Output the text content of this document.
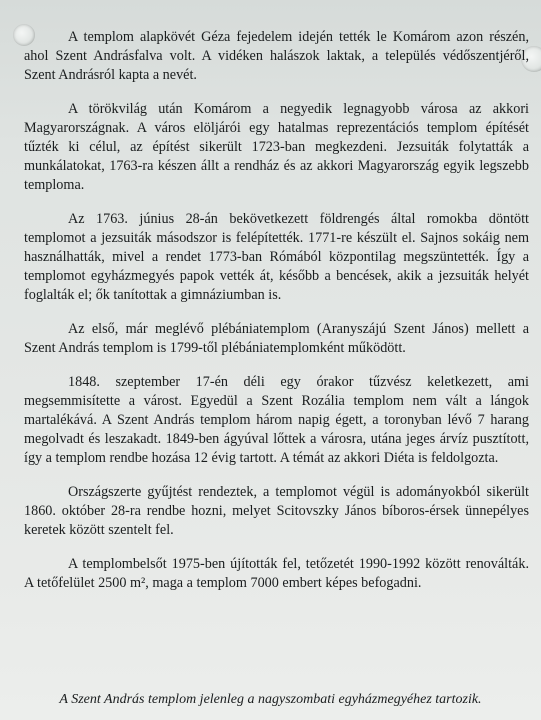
A templom alapkövét Géza fejedelem idején tették le Komárom azon részén, ahol Szent Andrásfalva volt. A vidéken halászok laktak, a település védőszentjéről, Szent Andrásról kapta a nevét.

A törökvilág után Komárom a negyedik legnagyobb városa az akkori Magyarországnak. A város elöljárói egy hatalmas reprezentációs templom építését tűzték ki célul, az építést sikerült 1723-ban megkezdeni. Jezsuiták folytatták a munkálatokat, 1763-ra készen állt a rendház és az akkori Magyarország egyik legszebb temploma.

Az 1763. június 28-án bekövetkezett földrengés által romokba döntött templomot a jezsuiták másodszor is felépítették. 1771-re készült el. Sajnos sokáig nem használhatták, mivel a rendet 1773-ban Rómából központilag megszüntették. Így a templomot egyházmegyés papok vették át, később a bencések, akik a jezsuiták helyét foglalták el; ők tanítottak a gimnáziumban is.

Az első, már meglévő plébániatemplom (Aranyszájú Szent János) mellett a Szent András templom is 1799-től plébániatemplomként működött.

1848. szeptember 17-én déli egy órakor tűzvész keletkezett, ami megsemmisítette a várost. Egyedül a Szent Rozália templom nem vált a lángok martalékává. A Szent András templom három napig égett, a toronyban lévő 7 harang megolvadt és leszakadt. 1849-ben ágyúval lőttek a városra, utána jeges árvíz pusztított, így a templom rendbe hozása 12 évig tartott. A témát az akkori Diéta is feldolgozta.

Országszerte gyűjtést rendeztek, a templomot végül is adományokból sikerült 1860. október 28-ra rendbe hozni, melyet Scitovszky János bíboros-érsek ünnepélyes keretek között szentelt fel.

A templombelsőt 1975-ben újították fel, tetőzetét 1990-1992 között renoválták. A tetőfelület 2500 m², maga a templom 7000 embert képes befogadni.

A Szent András templom jelenleg a nagyszombati egyházmegyéhez tartozik.
